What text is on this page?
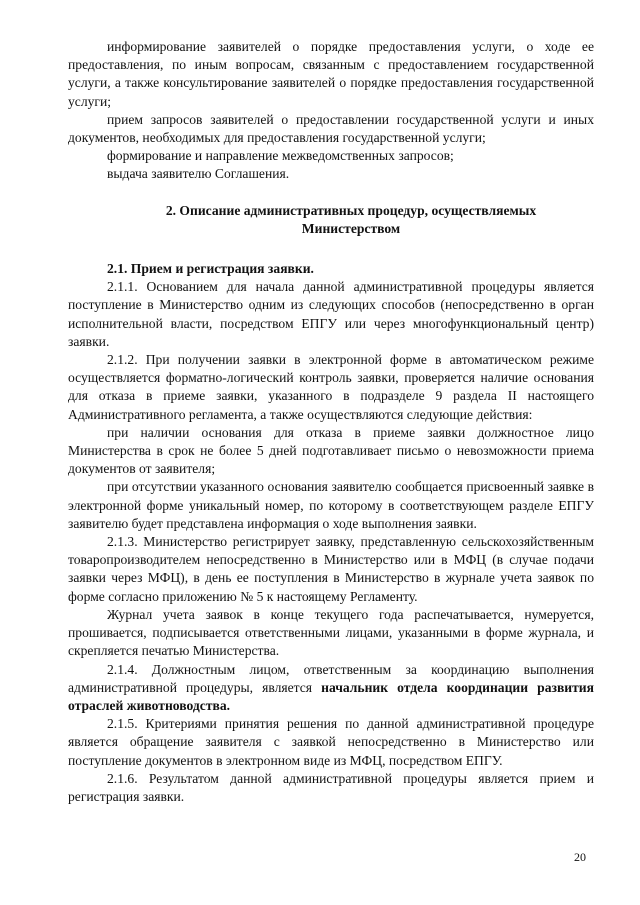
информирование заявителей о порядке предоставления услуги, о ходе ее предоставления, по иным вопросам, связанным с предоставлением государственной услуги, а также консультирование заявителей о порядке предоставления государственной услуги;

прием запросов заявителей о предоставлении государственной услуги и иных документов, необходимых для предоставления государственной услуги;

формирование и направление межведомственных запросов;

выдача заявителю Соглашения.

2. Описание административных процедур, осуществляемых Министерством

2.1. Прием и регистрация заявки.

2.1.1. Основанием для начала данной административной процедуры является поступление в Министерство одним из следующих способов (непосредственно в орган исполнительной власти, посредством ЕПГУ или через многофункциональный центр) заявки.

2.1.2. При получении заявки в электронной форме в автоматическом режиме осуществляется форматно-логический контроль заявки, проверяется наличие основания для отказа в приеме заявки, указанного в подразделе 9 раздела II настоящего Административного регламента, а также осуществляются следующие действия:

при наличии основания для отказа в приеме заявки должностное лицо Министерства в срок не более 5 дней подготавливает письмо о невозможности приема документов от заявителя;

при отсутствии указанного основания заявителю сообщается присвоенный заявке в электронной форме уникальный номер, по которому в соответствующем разделе ЕПГУ заявителю будет представлена информация о ходе выполнения заявки.

2.1.3. Министерство регистрирует заявку, представленную сельскохозяйственным товаропроизводителем непосредственно в Министерство или в МФЦ (в случае подачи заявки через МФЦ), в день ее поступления в Министерство в журнале учета заявок по форме согласно приложению № 5 к настоящему Регламенту.

Журнал учета заявок в конце текущего года распечатывается, нумеруется, прошивается, подписывается ответственными лицами, указанными в форме журнала, и скрепляется печатью Министерства.

2.1.4. Должностным лицом, ответственным за координацию выполнения административной процедуры, является начальник отдела координации развития отраслей животноводства.

2.1.5. Критериями принятия решения по данной административной процедуре является обращение заявителя с заявкой непосредственно в Министерство или поступление документов в электронном виде из МФЦ, посредством ЕПГУ.

2.1.6. Результатом данной административной процедуры является прием и регистрация заявки.

20
